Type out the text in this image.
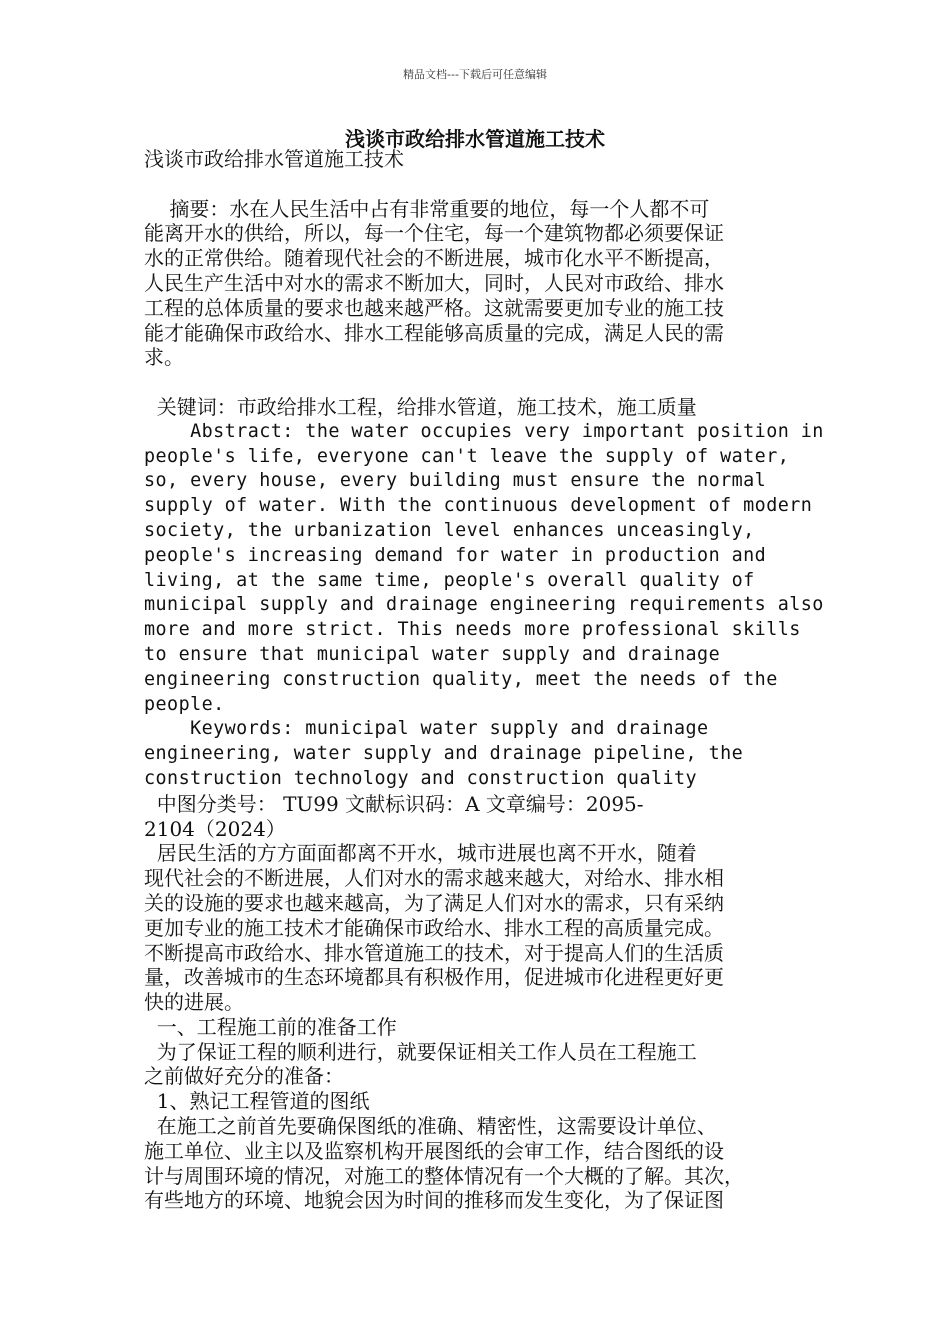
精品文档---下载后可任意编辑
浅谈市政给排水管道施工技术
浅谈市政给排水管道施工技术
摘要：水在人民生活中占有非常重要的地位，每一个人都不可
能离开水的供给，所以，每一个住宅，每一个建筑物都必须要保证
水的正常供给。随着现代社会的不断进展，城市化水平不断提高，
人民生产生活中对水的需求不断加大，同时，人民对市政给、排水
工程的总体质量的要求也越来越严格。这就需要更加专业的施工技
能才能确保市政给水、排水工程能够高质量的完成，满足人民的需
求。
关键词：市政给排水工程，给排水管道，施工技术，施工质量
Abstract: the water occupies very important position in
people's life, everyone can't leave the supply of water,
so, every house, every building must ensure the normal
supply of water. With the continuous development of modern
society, the urbanization level enhances unceasingly,
people's increasing demand for water in production and
living, at the same time, people's overall quality of
municipal supply and drainage engineering requirements also
more and more strict. This needs more professional skills
to ensure that municipal water supply and drainage
engineering construction quality, meet the needs of the
people.
Keywords: municipal water supply and drainage
engineering, water supply and drainage pipeline, the
construction technology and construction quality
中图分类号： TU99 文献标识码：A 文章编号：2095-
2104（2024）
居民生活的方方面面都离不开水，城市进展也离不开水，随着
现代社会的不断进展，人们对水的需求越来越大，对给水、排水相
关的设施的要求也越来越高，为了满足人们对水的需求，只有采纳
更加专业的施工技术才能确保市政给水、排水工程的高质量完成。
不断提高市政给水、排水管道施工的技术，对于提高人们的生活质
量，改善城市的生态环境都具有积极作用，促进城市化进程更好更
快的进展。
一、工程施工前的准备工作
为了保证工程的顺利进行，就要保证相关工作人员在工程施工
之前做好充分的准备：
1、熟记工程管道的图纸
在施工之前首先要确保图纸的准确、精密性，这需要设计单位、
施工单位、业主以及监察机构开展图纸的会审工作，结合图纸的设
计与周围环境的情况，对施工的整体情况有一个大概的了解。其次，
有些地方的环境、地貌会因为时间的推移而发生变化，为了保证图
